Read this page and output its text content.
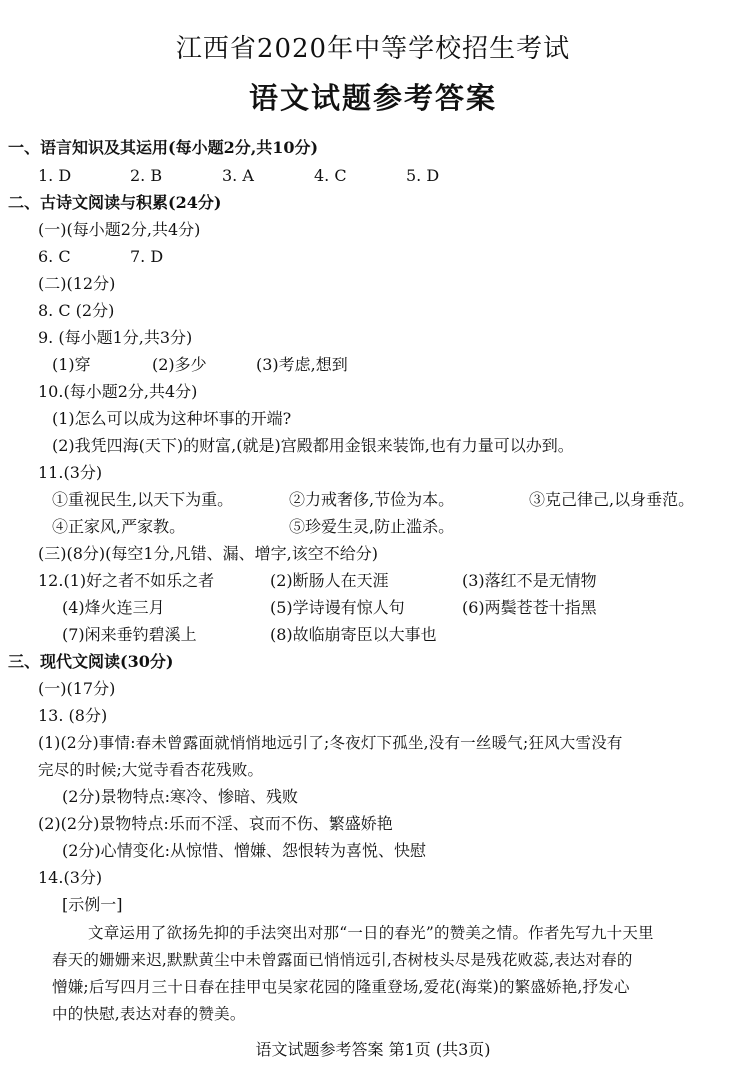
江西省2020年中等学校招生考试
语文试题参考答案
一、语言知识及其运用(每小题2分,共10分)
1. D	2. B	3. A	4. C	5. D
二、古诗文阅读与积累(24分)
(一)(每小题2分,共4分)
6. C	7. D
(二)(12分)
8. C (2分)
9. (每小题1分,共3分)
(1)穿	(2)多少	(3)考虑,想到
10.(每小题2分,共4分)
(1)怎么可以成为这种坏事的开端?
(2)我凭四海(天下)的财富,(就是)宫殿都用金银来装饰,也有力量可以办到。
11.(3分)
①重视民生,以天下为重。	②力戒奢侈,节俭为本。	③克己律己,以身垂范。
④正家风,严家教。	⑤珍爱生灵,防止滥杀。
(三)(8分)(每空1分,凡错、漏、增字,该空不给分)
12.(1)好之者不如乐之者	(2)断肠人在天涯	(3)落红不是无情物
(4)烽火连三月	(5)学诗谩有惊人句	(6)两鬓苍苍十指黑
(7)闲来垂钓碧溪上	(8)故临崩寄臣以大事也
三、现代文阅读(30分)
(一)(17分)
13. (8分)
(1)(2分)事情:春未曾露面就悄悄地远引了;冬夜灯下孤坐,没有一丝暖气;狂风大雪没有
完尽的时候;大觉寺看杏花残败。
(2分)景物特点:寒冷、惨暗、残败
(2)(2分)景物特点:乐而不淫、哀而不伤、繁盛娇艳
(2分)心情变化:从惊惜、憎嫌、怨恨转为喜悦、快慰
14.(3分)
[示例一]
文章运用了欲扬先抑的手法突出对那“一日的春光”的赞美之情。作者先写九十天里
春天的姗姗来迟,默默黄尘中未曾露面已悄悄远引,杏树枝头尽是残花败蕊,表达对春的
憎嫌;后写四月三十日春在挂甲屯吴家花园的隆重登场,爱花(海棠)的繁盛娇艳,抒发心
中的快慰,表达对春的赞美。
语文试题参考答案 第1页 (共3页)
